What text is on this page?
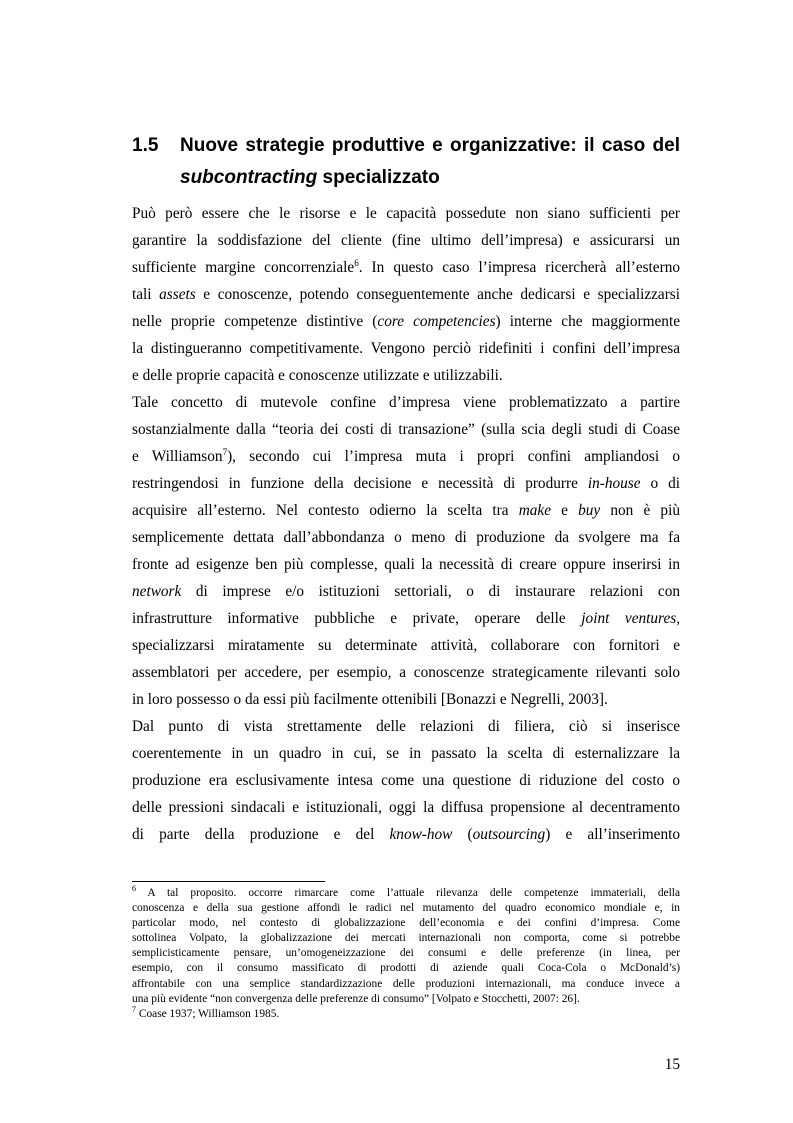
1.5 Nuove strategie produttive e organizzative: il caso del
subcontracting specializzato
Può però essere che le risorse e le capacità possedute non siano sufficienti per
garantire la soddisfazione del cliente (fine ultimo dell’impresa) e assicurarsi un
sufficiente margine concorrenziale$^6$. In questo caso l’impresa ricercherà all’esterno
tali assets e conoscenze, potendo conseguentemente anche dedicarsi e specializzarsi
nelle proprie competenze distintive (core competencies) interne che maggiormente
la distingueranno competitivamente. Vengono perciò ridefiniti i confini dell’impresa
e delle proprie capacità e conoscenze utilizzate e utilizzabili.
Tale concetto di mutevole confine d’impresa viene problematizzato a partire
sostanzialmente dalla “teoria dei costi di transazione” (sulla scia degli studi di Coase
e Williamson$^7$), secondo cui l’impresa muta i propri confini ampliandosi o
restringendosi in funzione della decisione e necessità di produrre in-house o di
acquisire all’esterno. Nel contesto odierno la scelta tra make e buy non è più
semplicemente dettata dall’abbondanza o meno di produzione da svolgere ma fa
fronte ad esigenze ben più complesse, quali la necessità di creare oppure inserirsi in
network di imprese e/o istituzioni settoriali, o di instaurare relazioni con
infrastrutture informative pubbliche e private, operare delle joint ventures,
specializzarsi miratamente su determinate attività, collaborare con fornitori e
assemblatori per accedere, per esempio, a conoscenze strategicamente rilevanti solo
in loro possesso o da essi più facilmente ottenibili [Bonazzi e Negrelli, 2003].
Dal punto di vista strettamente delle relazioni di filiera, ciò si inserisce
coerentemente in un quadro in cui, se in passato la scelta di esternalizzare la
produzione era esclusivamente intesa come una questione di riduzione del costo o
delle pressioni sindacali e istituzionali, oggi la diffusa propensione al decentramento
di parte della produzione e del know-how (outsourcing) e all’inserimento
$^6$ A tal proposito. occorre rimarcare come l’attuale rilevanza delle competenze immateriali, della
conoscenza e della sua gestione affondi le radici nel mutamento del quadro economico mondiale e, in
particolar modo, nel contesto di globalizzazione dell’economia e dei confini d’impresa. Come
sottolinea Volpato, la globalizzazione dei mercati internazionali non comporta, come si potrebbe
semplicisticamente pensare, un’omogeneizzazione dei consumi e delle preferenze (in linea, per
esempio, con il consumo massificato di prodotti di aziende quali Coca-Cola o McDonald’s)
affrontabile con una semplice standardizzazione delle produzioni internazionali, ma conduce invece a
una più evidente “non convergenza delle preferenze di consumo” [Volpato e Stocchetti, 2007: 26].
$^7$ Coase 1937; Williamson 1985.
15
